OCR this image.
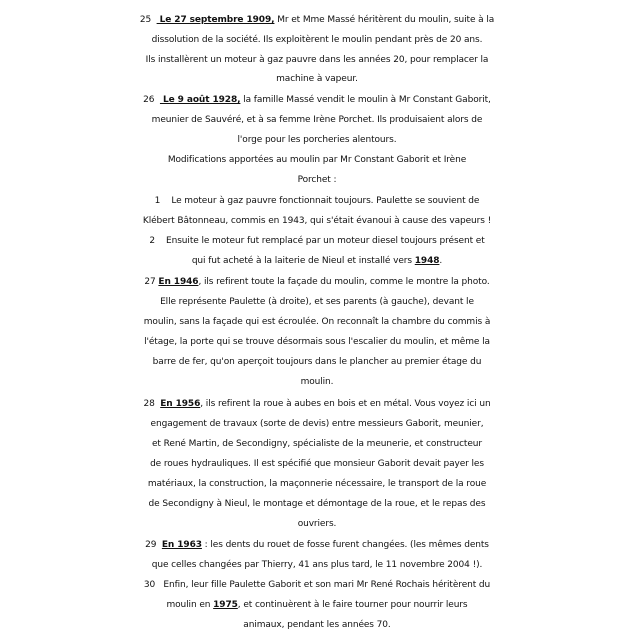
25   Le 27 septembre 1909, Mr et Mme Massé héritèrent du moulin, suite à la
dissolution de la société. Ils exploitèrent le moulin pendant près de 20 ans.
Ils installèrent un moteur à gaz pauvre dans les années 20, pour remplacer la
machine à vapeur.
26   Le 9 août 1928, la famille Massé vendit le moulin à Mr Constant Gaborit,
meunier de Sauvéré, et à sa femme Irène Porchet. Ils produisaient alors de
l'orge pour les porcheries alentours.
Modifications apportées au moulin par Mr Constant Gaborit et Irène
Porchet :
1    Le moteur à gaz pauvre fonctionnait toujours. Paulette se souvient de
Klébert Bâtonneau, commis en 1943, qui s'était évanoui à cause des vapeurs !
2    Ensuite le moteur fut remplacé par un moteur diesel toujours présent et
qui fut acheté à la laiterie de Nieul et installé vers 1948.
27 En 1946, ils refirent toute la façade du moulin, comme le montre la photo.
Elle représente Paulette (à droite), et ses parents (à gauche), devant le
moulin, sans la façade qui est écroulée. On reconnaît la chambre du commis à
l'étage, la porte qui se trouve désormais sous l'escalier du moulin, et même la
barre de fer, qu'on aperçoit toujours dans le plancher au premier étage du
moulin.
28  En 1956, ils refirent la roue à aubes en bois et en métal. Vous voyez ici un
engagement de travaux (sorte de devis) entre messieurs Gaborit, meunier,
et René Martin, de Secondigny, spécialiste de la meunerie, et constructeur
de roues hydrauliques. Il est spécifié que monsieur Gaborit devait payer les
matériaux, la construction, la maçonnerie nécessaire, le transport de la roue
de Secondigny à Nieul, le montage et démontage de la roue, et le repas des
ouvriers.
29  En 1963 : les dents du rouet de fosse furent changées. (les mêmes dents
que celles changées par Thierry, 41 ans plus tard, le 11 novembre 2004 !).
30   Enfin, leur fille Paulette Gaborit et son mari Mr René Rochais héritèrent du
moulin en 1975, et continuèrent à le faire tourner pour nourrir leurs
animaux, pendant les années 70.
